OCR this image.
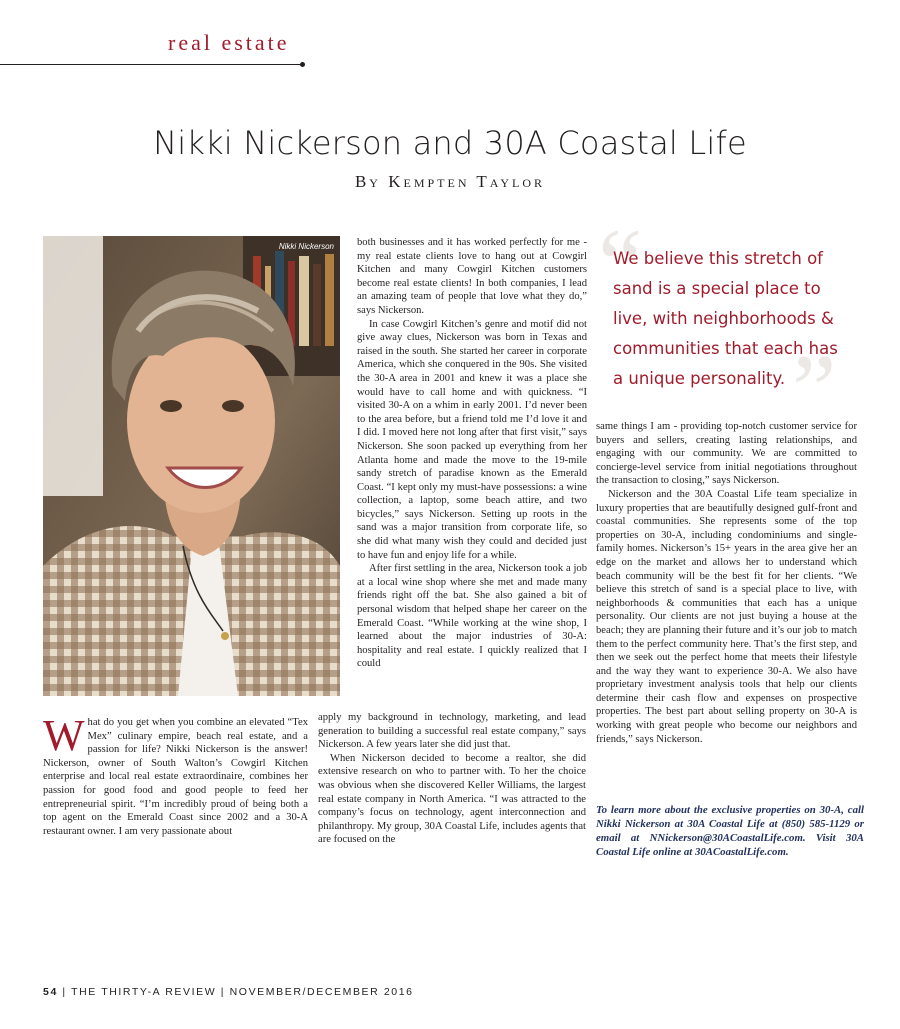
real estate
Nikki Nickerson and 30A Coastal Life
By Kempten Taylor
Nikki Nickerson

What do you get when you combine an elevated “Tex Mex” culinary empire, beach real estate, and a passion for life? Nikki Nickerson is the answer! Nickerson, owner of South Walton’s Cowgirl Kitchen enterprise and local real estate extraordinaire, combines her passion for good food and good people to feed her entrepreneurial spirit. “I’m incredibly proud of being both a top agent on the Emerald Coast since 2002 and a 30-A restaurant owner. I am very passionate about

both businesses and it has worked perfectly for me - my real estate clients love to hang out at Cowgirl Kitchen and many Cowgirl Kitchen customers become real estate clients! In both companies, I lead an amazing team of people that love what they do,” says Nickerson.

In case Cowgirl Kitchen’s genre and motif did not give away clues, Nickerson was born in Texas and raised in the south. She started her career in corporate America, which she conquered in the 90s. She visited the 30-A area in 2001 and knew it was a place she would have to call home and with quickness. “I visited 30-A on a whim in early 2001. I’d never been to the area before, but a friend told me I’d love it and I did. I moved here not long after that first visit,” says Nickerson. She soon packed up everything from her Atlanta home and made the move to the 19-mile sandy stretch of paradise known as the Emerald Coast. “I kept only my must-have possessions: a wine collection, a laptop, some beach attire, and two bicycles,” says Nickerson. Setting up roots in the sand was a major transition from corporate life, so she did what many wish they could and decided just to have fun and enjoy life for a while.

After first settling in the area, Nickerson took a job at a local wine shop where she met and made many friends right off the bat. She also gained a bit of personal wisdom that helped shape her career on the Emerald Coast. “While working at the wine shop, I learned about the major industries of 30-A: hospitality and real estate. I quickly realized that I could

apply my background in technology, marketing, and lead generation to building a successful real estate company,” says Nickerson. A few years later she did just that.

When Nickerson decided to become a realtor, she did extensive research on who to partner with. To her the choice was obvious when she discovered Keller Williams, the largest real estate company in North America. “I was attracted to the company’s focus on technology, agent interconnection and philanthropy. My group, 30A Coastal Life, includes agents that are focused on the

“
We believe this stretch of sand is a special place to live, with neighborhoods & communities that each has a unique personality. ”

same things I am - providing top-notch customer service for buyers and sellers, creating lasting relationships, and engaging with our community. We are committed to concierge-level service from initial negotiations throughout the transaction to closing,” says Nickerson.

Nickerson and the 30A Coastal Life team specialize in luxury properties that are beautifully designed gulf-front and coastal communities. She represents some of the top properties on 30-A, including condominiums and single-family homes. Nickerson’s 15+ years in the area give her an edge on the market and allows her to understand which beach community will be the best fit for her clients. “We believe this stretch of sand is a special place to live, with neighborhoods & communities that each has a unique personality. Our clients are not just buying a house at the beach; they are planning their future and it’s our job to match them to the perfect community here. That’s the first step, and then we seek out the perfect home that meets their lifestyle and the way they want to experience 30-A. We also have proprietary investment analysis tools that help our clients determine their cash flow and expenses on prospective properties. The best part about selling property on 30-A is working with great people who become our neighbors and friends,” says Nickerson.

To learn more about the exclusive properties on 30-A, call Nikki Nickerson at 30A Coastal Life at (850) 585-1129 or email at NNickerson@30ACoastalLife.com. Visit 30A Coastal Life online at 30ACoastalLife.com.
54 | THE THIRTY-A REVIEW | NOVEMBER/DECEMBER 2016
